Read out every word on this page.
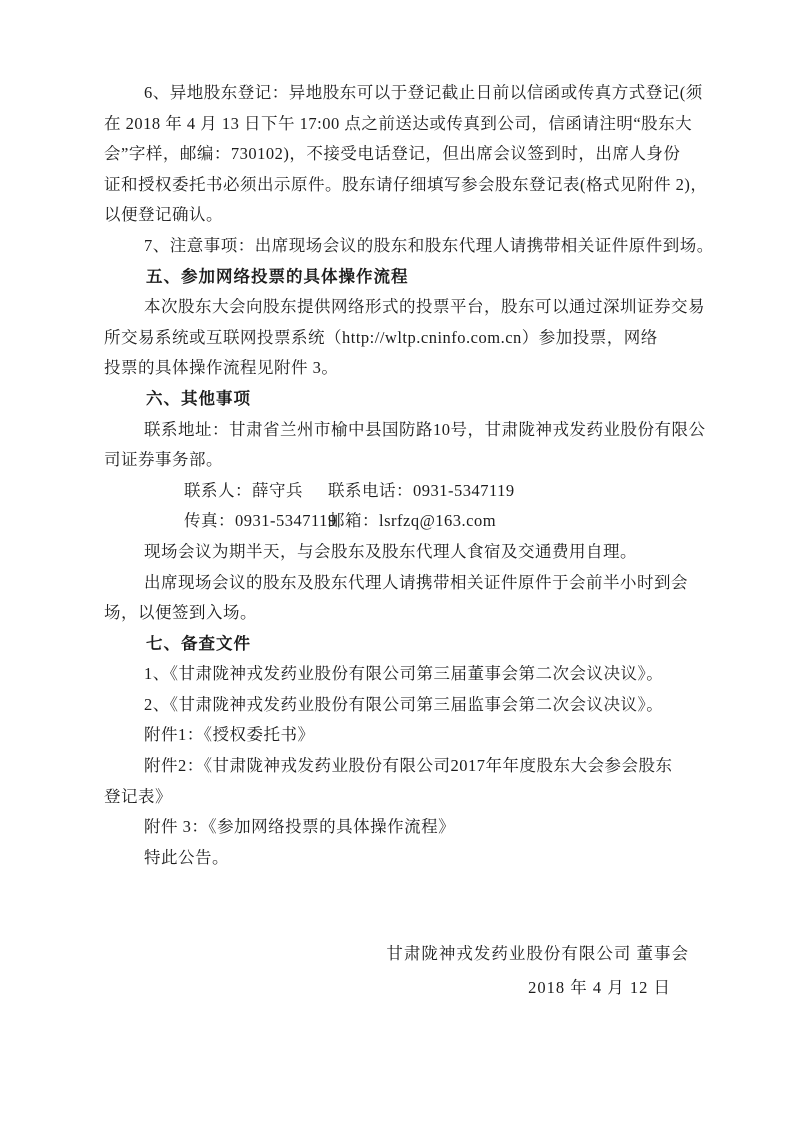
6、异地股东登记：异地股东可以于登记截止日前以信函或传真方式登记(须
在 2018 年 4 月 13 日下午 17:00 点之前送达或传真到公司，信函请注明“股东大
会”字样，邮编：730102)，不接受电话登记，但出席会议签到时，出席人身份
证和授权委托书必须出示原件。股东请仔细填写参会股东登记表(格式见附件 2)，
以便登记确认。
7、注意事项：出席现场会议的股东和股东代理人请携带相关证件原件到场。
五、参加网络投票的具体操作流程
本次股东大会向股东提供网络形式的投票平台，股东可以通过深圳证券交易
所交易系统或互联网投票系统（http://wltp.cninfo.com.cn）参加投票，网络
投票的具体操作流程见附件 3。
六、其他事项
联系地址：甘肃省兰州市榆中县国防路10号，甘肃陇神戎发药业股份有限公
司证券事务部。
联系人：薛守兵 联系电话：0931-5347119
传真：0931-5347119邮箱：lsrfzq@163.com
现场会议为期半天，与会股东及股东代理人食宿及交通费用自理。
出席现场会议的股东及股东代理人请携带相关证件原件于会前半小时到会
场，以便签到入场。
七、备查文件
1、《甘肃陇神戎发药业股份有限公司第三届董事会第二次会议决议》。
2、《甘肃陇神戎发药业股份有限公司第三届监事会第二次会议决议》。
附件1：《授权委托书》
附件2：《甘肃陇神戎发药业股份有限公司2017年年度股东大会参会股东
登记表》
附件 3：《参加网络投票的具体操作流程》
特此公告。
甘肃陇神戎发药业股份有限公司 董事会
2018 年 4 月 12 日
